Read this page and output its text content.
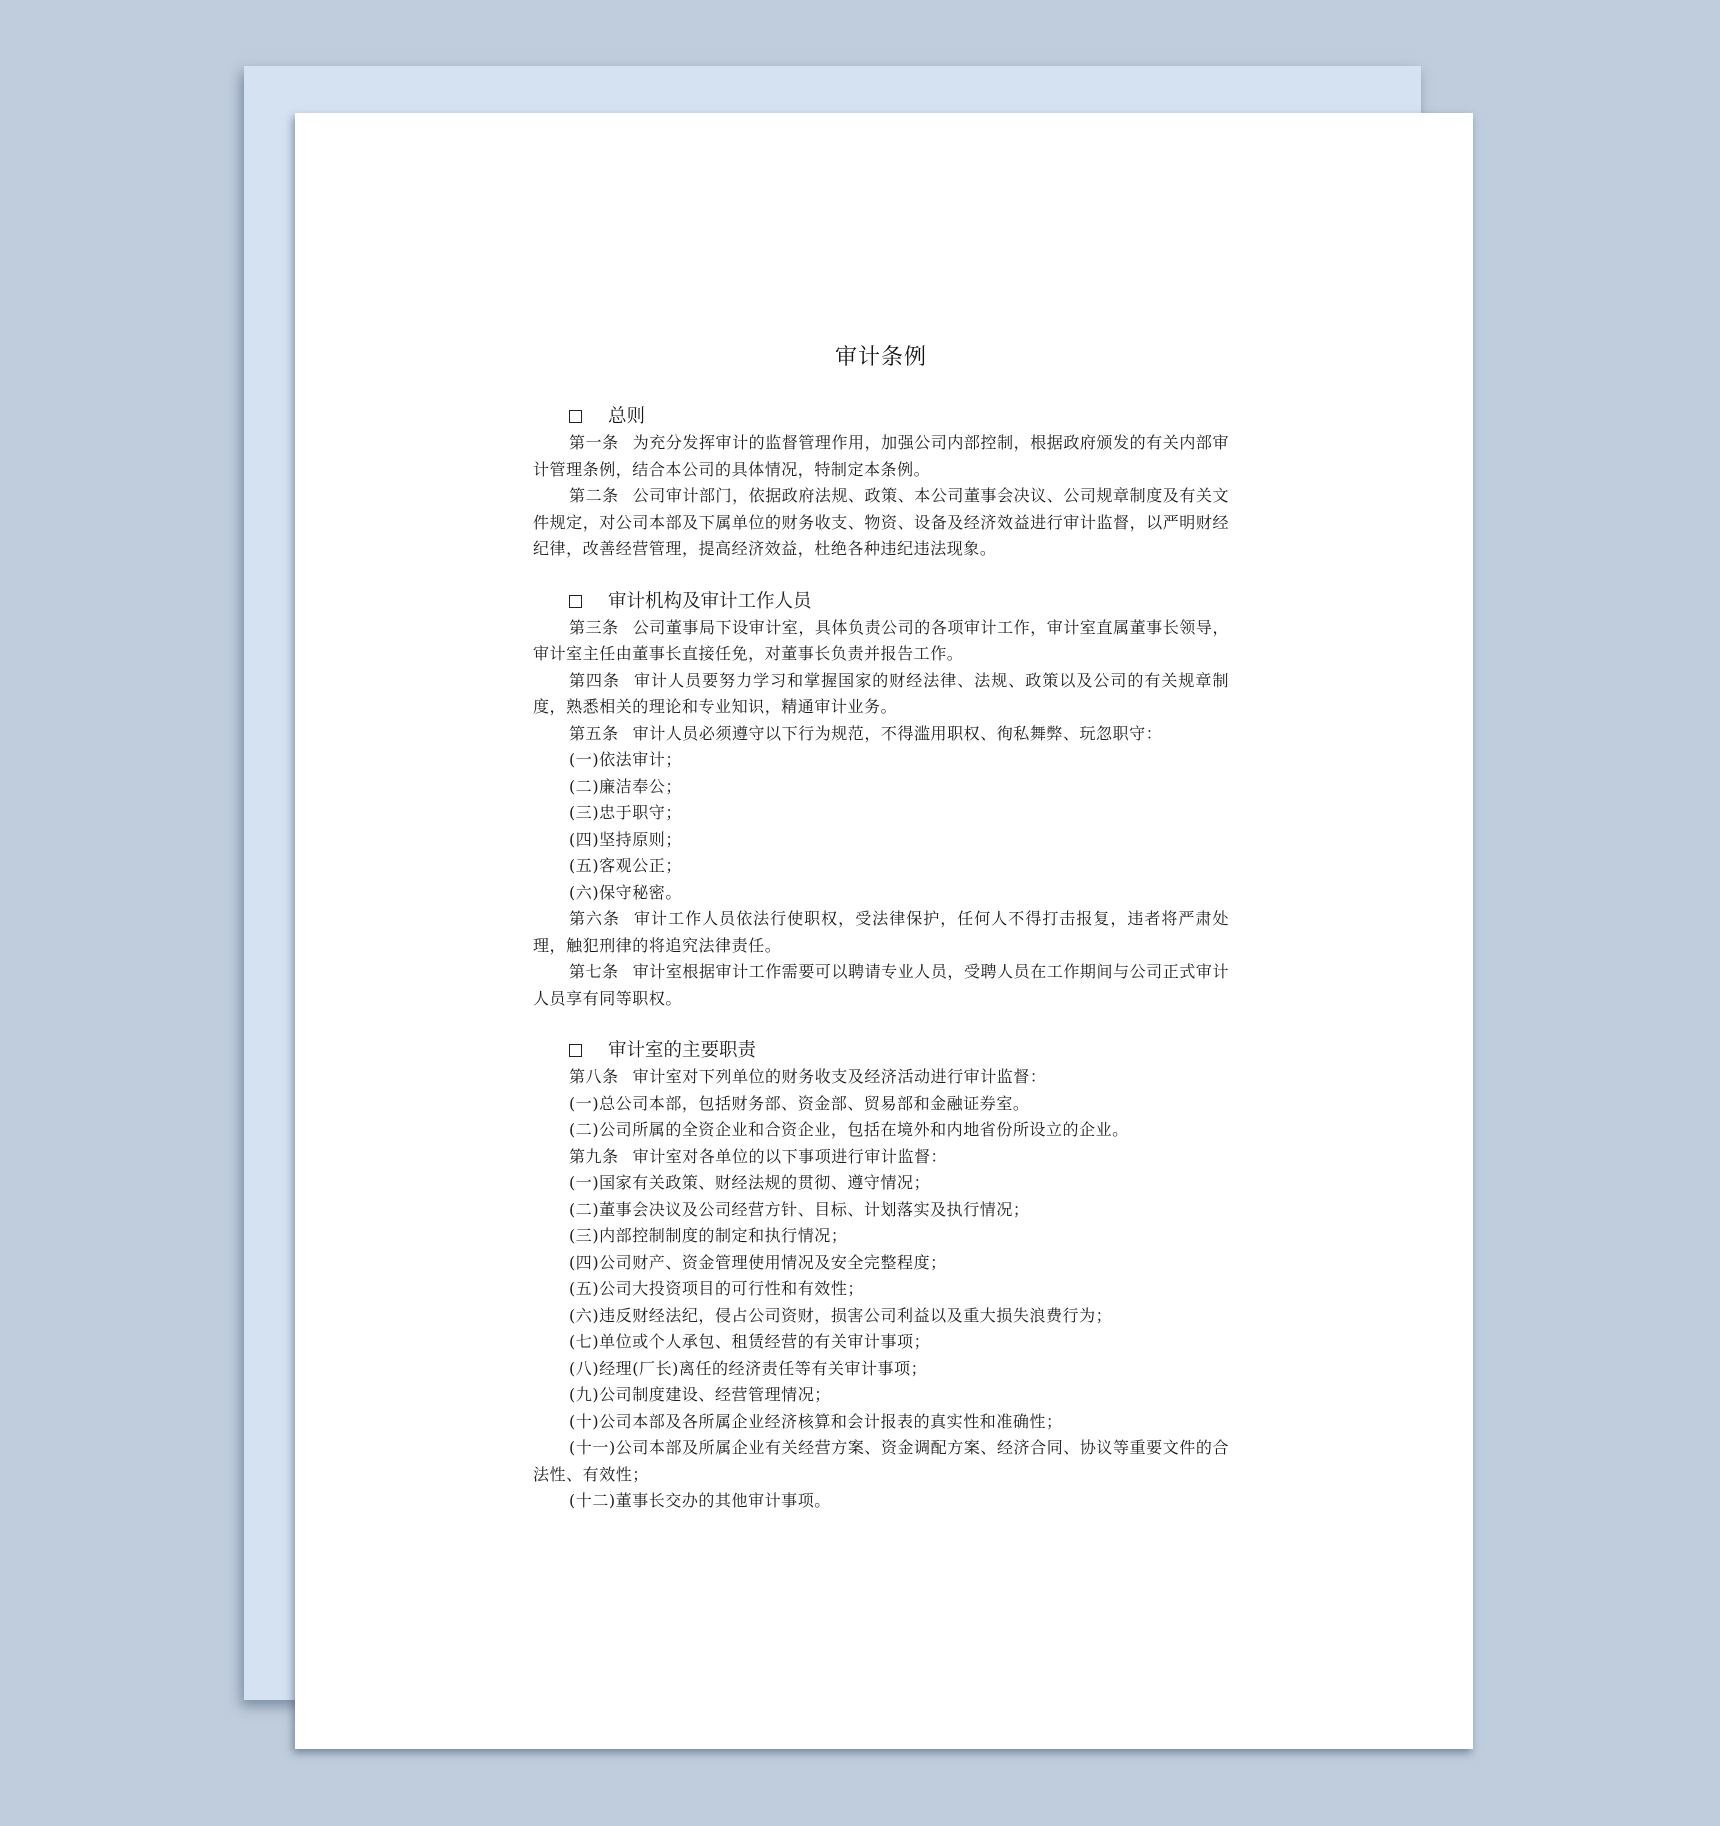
审计条例
总则

第一条 为充分发挥审计的监督管理作用，加强公司内部控制，根据政府颁发的有关内部审计管理条例，结合本公司的具体情况，特制定本条例。

第二条 公司审计部门，依据政府法规、政策、本公司董事会决议、公司规章制度及有关文件规定，对公司本部及下属单位的财务收支、物资、设备及经济效益进行审计监督，以严明财经纪律，改善经营管理，提高经济效益，杜绝各种违纪违法现象。

审计机构及审计工作人员

第三条 公司董事局下设审计室，具体负责公司的各项审计工作，审计室直属董事长领导，审计室主任由董事长直接任免，对董事长负责并报告工作。

第四条 审计人员要努力学习和掌握国家的财经法律、法规、政策以及公司的有关规章制度，熟悉相关的理论和专业知识，精通审计业务。

第五条 审计人员必须遵守以下行为规范，不得滥用职权、徇私舞弊、玩忽职守：

(一)依法审计；

(二)廉洁奉公；

(三)忠于职守；

(四)坚持原则；

(五)客观公正；

(六)保守秘密。

第六条 审计工作人员依法行使职权，受法律保护，任何人不得打击报复，违者将严肃处理，触犯刑律的将追究法律责任。

第七条 审计室根据审计工作需要可以聘请专业人员，受聘人员在工作期间与公司正式审计人员享有同等职权。

审计室的主要职责

第八条 审计室对下列单位的财务收支及经济活动进行审计监督：

(一)总公司本部，包括财务部、资金部、贸易部和金融证券室。

(二)公司所属的全资企业和合资企业，包括在境外和内地省份所设立的企业。

第九条 审计室对各单位的以下事项进行审计监督：

(一)国家有关政策、财经法规的贯彻、遵守情况；

(二)董事会决议及公司经营方针、目标、计划落实及执行情况；

(三)内部控制制度的制定和执行情况；

(四)公司财产、资金管理使用情况及安全完整程度；

(五)公司大投资项目的可行性和有效性；

(六)违反财经法纪，侵占公司资财，损害公司利益以及重大损失浪费行为；

(七)单位或个人承包、租赁经营的有关审计事项；

(八)经理(厂长)离任的经济责任等有关审计事项；

(九)公司制度建设、经营管理情况；

(十)公司本部及各所属企业经济核算和会计报表的真实性和准确性；

(十一)公司本部及所属企业有关经营方案、资金调配方案、经济合同、协议等重要文件的合法性、有效性；

(十二)董事长交办的其他审计事项。
